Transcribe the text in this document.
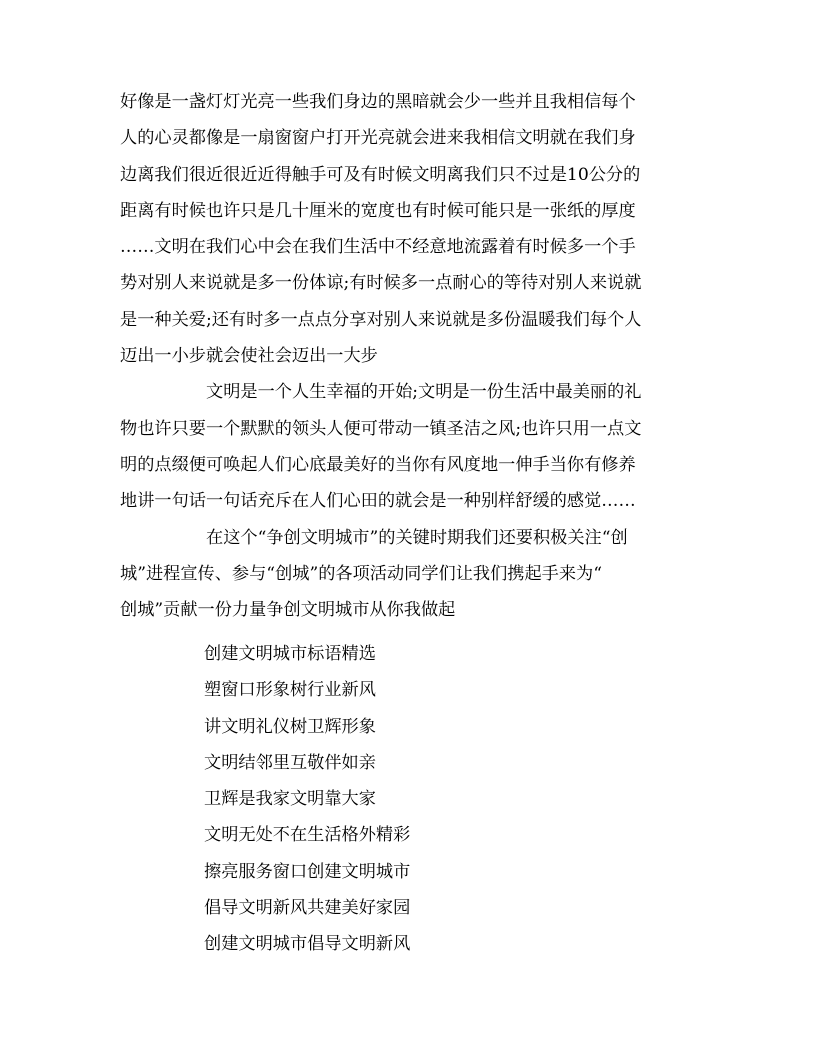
好像是一盏灯灯光亮一些我们身边的黑暗就会少一些并且我相信每个
人的心灵都像是一扇窗窗户打开光亮就会进来我相信文明就在我们身
边离我们很近很近近得触手可及有时候文明离我们只不过是10公分的
距离有时候也许只是几十厘米的宽度也有时候可能只是一张纸的厚度
……文明在我们心中会在我们生活中不经意地流露着有时候多一个手
势对别人来说就是多一份体谅;有时候多一点耐心的等待对别人来说就
是一种关爱;还有时多一点点分享对别人来说就是多份温暖我们每个人
迈出一小步就会使社会迈出一大步
文明是一个人生幸福的开始;文明是一份生活中最美丽的礼
物也许只要一个默默的领头人便可带动一镇圣洁之风;也许只用一点文
明的点缀便可唤起人们心底最美好的当你有风度地一伸手当你有修养
地讲一句话一句话充斥在人们心田的就会是一种别样舒缓的感觉……
在这个“争创文明城市”的关键时期我们还要积极关注“创
城”进程宣传、参与“创城”的各项活动同学们让我们携起手来为“
创城”贡献一份力量争创文明城市从你我做起
创建文明城市标语精选
塑窗口形象树行业新风
讲文明礼仪树卫辉形象
文明结邻里互敬伴如亲
卫辉是我家文明靠大家
文明无处不在生活格外精彩
擦亮服务窗口创建文明城市
倡导文明新风共建美好家园
创建文明城市倡导文明新风
